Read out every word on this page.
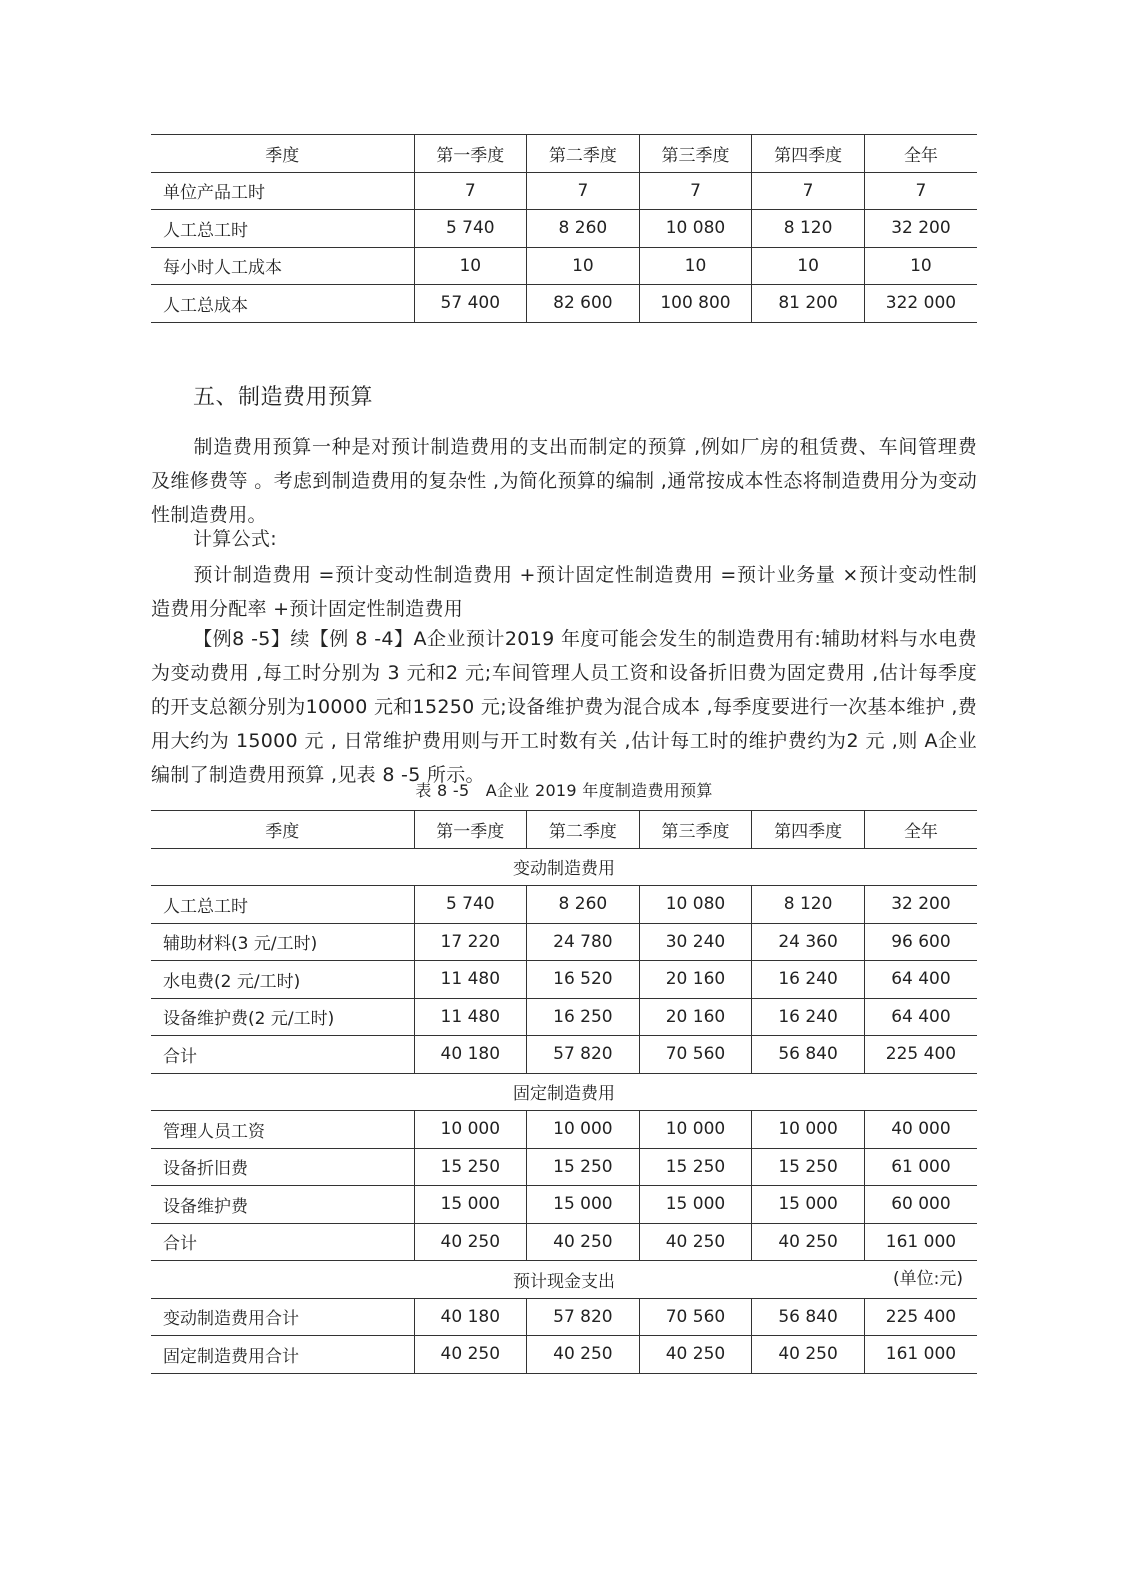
季度	第一季度	第二季度	第三季度	第四季度	全年
单位产品工时	7	7	7	7	7
人工总工时	5 740	8 260	10 080	8 120	32 200
每小时人工成本	10	10	10	10	10
人工总成本	57 400	82 600	100 800	81 200	322 000
五、制造费用预算

制造费用预算一种是对预计制造费用的支出而制定的预算 ,例如厂房的租赁费、车间管理费及维修费等 。考虑到制造费用的复杂性 ,为简化预算的编制 ,通常按成本性态将制造费用分为变动性制造费用。

计算公式:

预计制造费用 =预计变动性制造费用 +预计固定性制造费用 =预计业务量 ×预计变动性制造费用分配率 +预计固定性制造费用

【例8 -5】续【例 8 -4】A企业预计2019 年度可能会发生的制造费用有:辅助材料与水电费为变动费用 ,每工时分别为 3 元和2 元;车间管理人员工资和设备折旧费为固定费用 ,估计每季度的开支总额分别为10000 元和15250 元;设备维护费为混合成本 ,每季度要进行一次基本维护 ,费用大约为 15000 元 , 日常维护费用则与开工时数有关 ,估计每工时的维护费约为2 元 ,则 A企业编制了制造费用预算 ,见表 8 -5 所示。

表 8 -5　A企业 2019 年度制造费用预算
季度	第一季度	第二季度	第三季度	第四季度	全年
变动制造费用					

人工总工时	5 740	8 260	10 080	8 120	32 200
辅助材料(3 元/工时)	17 220	24 780	30 240	24 360	96 600
水电费(2 元/工时)	11 480	16 520	20 160	16 240	64 400
设备维护费(2 元/工时)	11 480	16 250	20 160	16 240	64 400
合计	40 180	57 820	70 560	56 840	225 400
固定制造费用					

管理人员工资	10 000	10 000	10 000	10 000	40 000
设备折旧费	15 250	15 250	15 250	15 250	61 000
设备维护费	15 000	15 000	15 000	15 000	60 000
合计	40 250	40 250	40 250	40 250	161 000
预计现金支出 (单位:元)					

变动制造费用合计	40 180	57 820	70 560	56 840	225 400
固定制造费用合计	40 250	40 250	40 250	40 250	161 000
